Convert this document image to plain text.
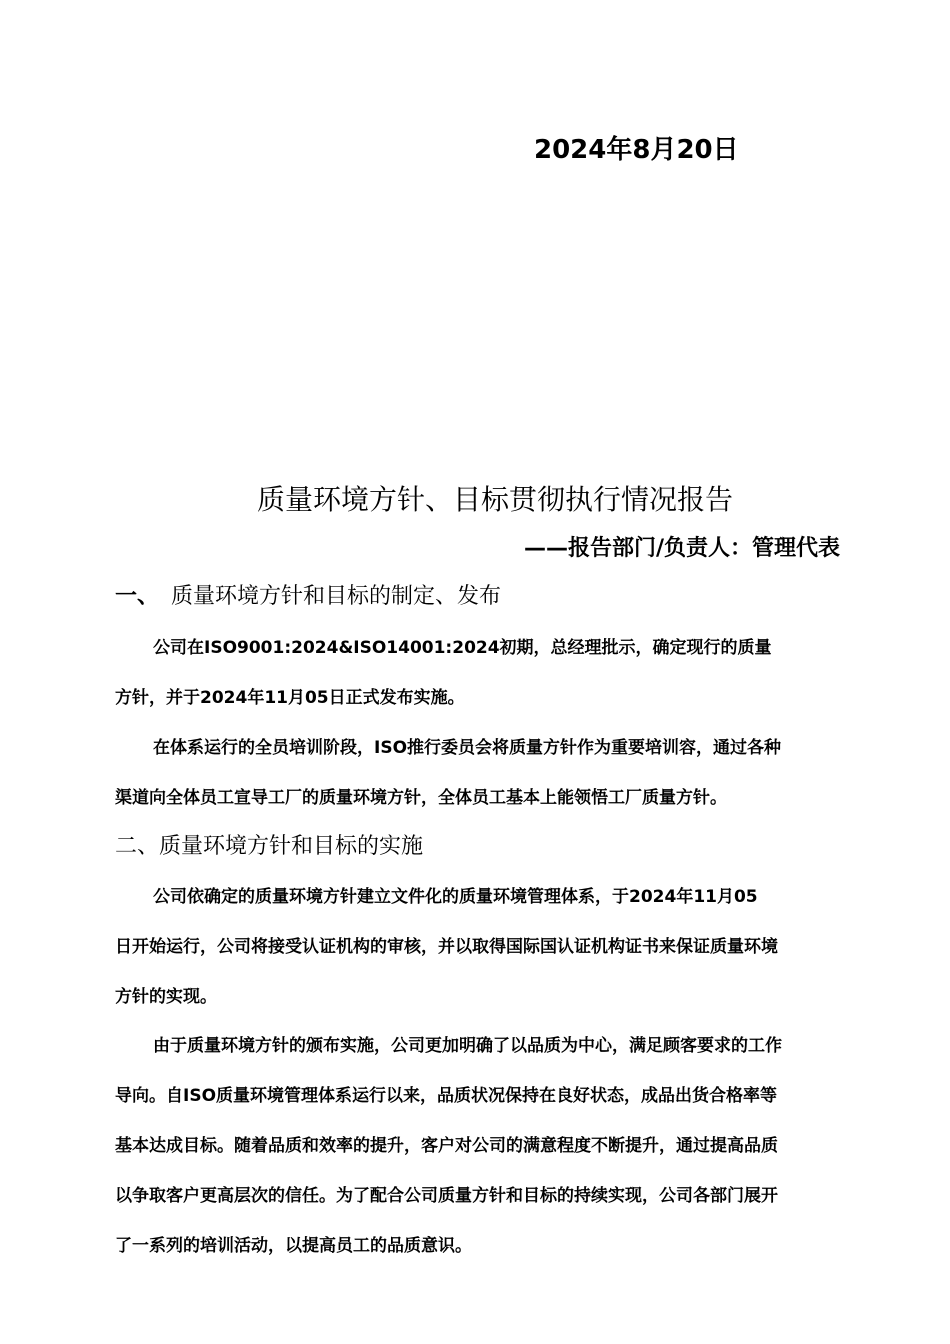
2024年8月20日
质量环境方针、目标贯彻执行情况报告
——报告部门/负责人：管理代表
一、 质量环境方针和目标的制定、发布
公司在ISO9001:2024&ISO14001:2024初期，总经理批示，确定现行的质量
方针，并于2024年11月05日正式发布实施。
在体系运行的全员培训阶段，ISO推行委员会将质量方针作为重要培训容，通过各种
渠道向全体员工宣导工厂的质量环境方针，全体员工基本上能领悟工厂质量方针。
二、质量环境方针和目标的实施
公司依确定的质量环境方针建立文件化的质量环境管理体系，于2024年11月05
日开始运行，公司将接受认证机构的审核，并以取得国际国认证机构证书来保证质量环境
方针的实现。
由于质量环境方针的颁布实施，公司更加明确了以品质为中心，满足顾客要求的工作
导向。自ISO质量环境管理体系运行以来，品质状况保持在良好状态，成品出货合格率等
基本达成目标。随着品质和效率的提升，客户对公司的满意程度不断提升，通过提高品质
以争取客户更高层次的信任。为了配合公司质量方针和目标的持续实现，公司各部门展开
了一系列的培训活动，以提高员工的品质意识。
